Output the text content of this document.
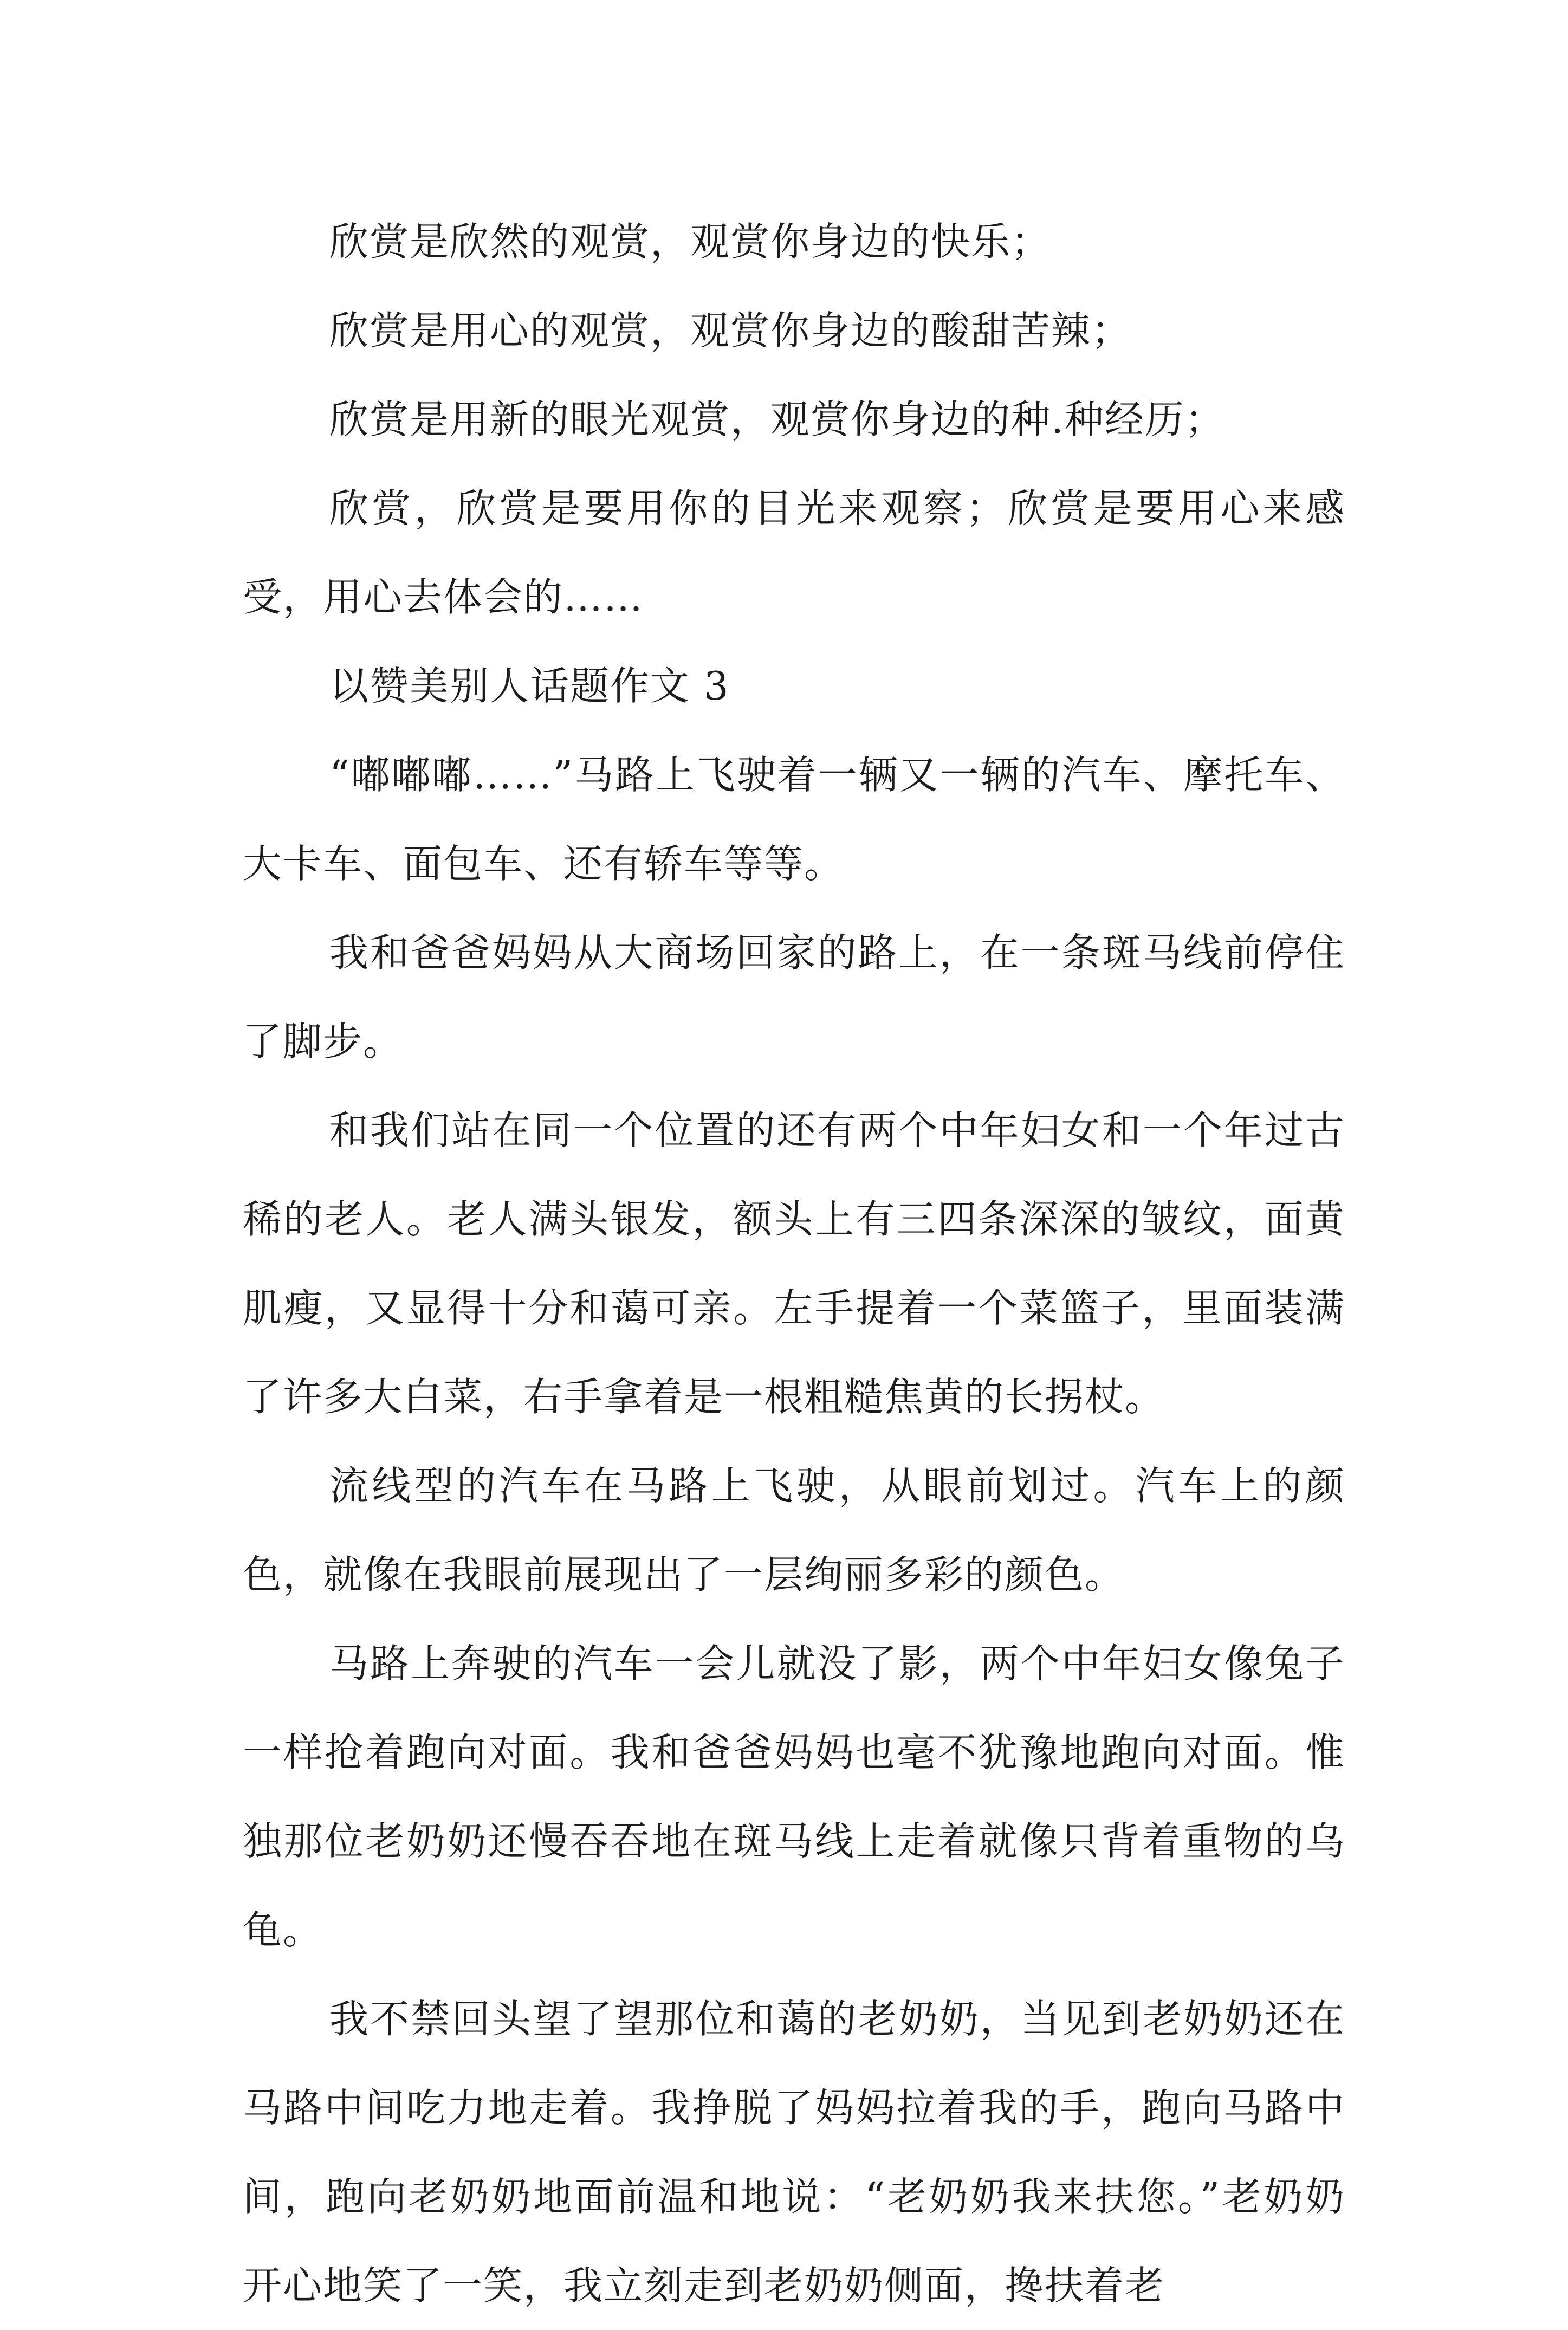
欣赏是欣然的观赏，观赏你身边的快乐；

欣赏是用心的观赏，观赏你身边的酸甜苦辣；

欣赏是用新的眼光观赏，观赏你身边的种.种经历；

欣赏，欣赏是要用你的目光来观察；欣赏是要用心来感受，用心去体会的……

以赞美别人话题作文 3

“嘟嘟嘟……”马路上飞驶着一辆又一辆的汽车、摩托车、大卡车、面包车、还有轿车等等。

我和爸爸妈妈从大商场回家的路上，在一条斑马线前停住了脚步。

和我们站在同一个位置的还有两个中年妇女和一个年过古稀的老人。老人满头银发，额头上有三四条深深的皱纹，面黄肌瘦，又显得十分和蔼可亲。左手提着一个菜篮子，里面装满了许多大白菜，右手拿着是一根粗糙焦黄的长拐杖。

流线型的汽车在马路上飞驶，从眼前划过。汽车上的颜色，就像在我眼前展现出了一层绚丽多彩的颜色。

马路上奔驶的汽车一会儿就没了影，两个中年妇女像兔子一样抢着跑向对面。我和爸爸妈妈也毫不犹豫地跑向对面。惟独那位老奶奶还慢吞吞地在斑马线上走着就像只背着重物的乌龟。

我不禁回头望了望那位和蔼的老奶奶，当见到老奶奶还在马路中间吃力地走着。我挣脱了妈妈拉着我的手，跑向马路中间，跑向老奶奶地面前温和地说：“老奶奶我来扶您。”老奶奶开心地笑了一笑，我立刻走到老奶奶侧面，搀扶着老
